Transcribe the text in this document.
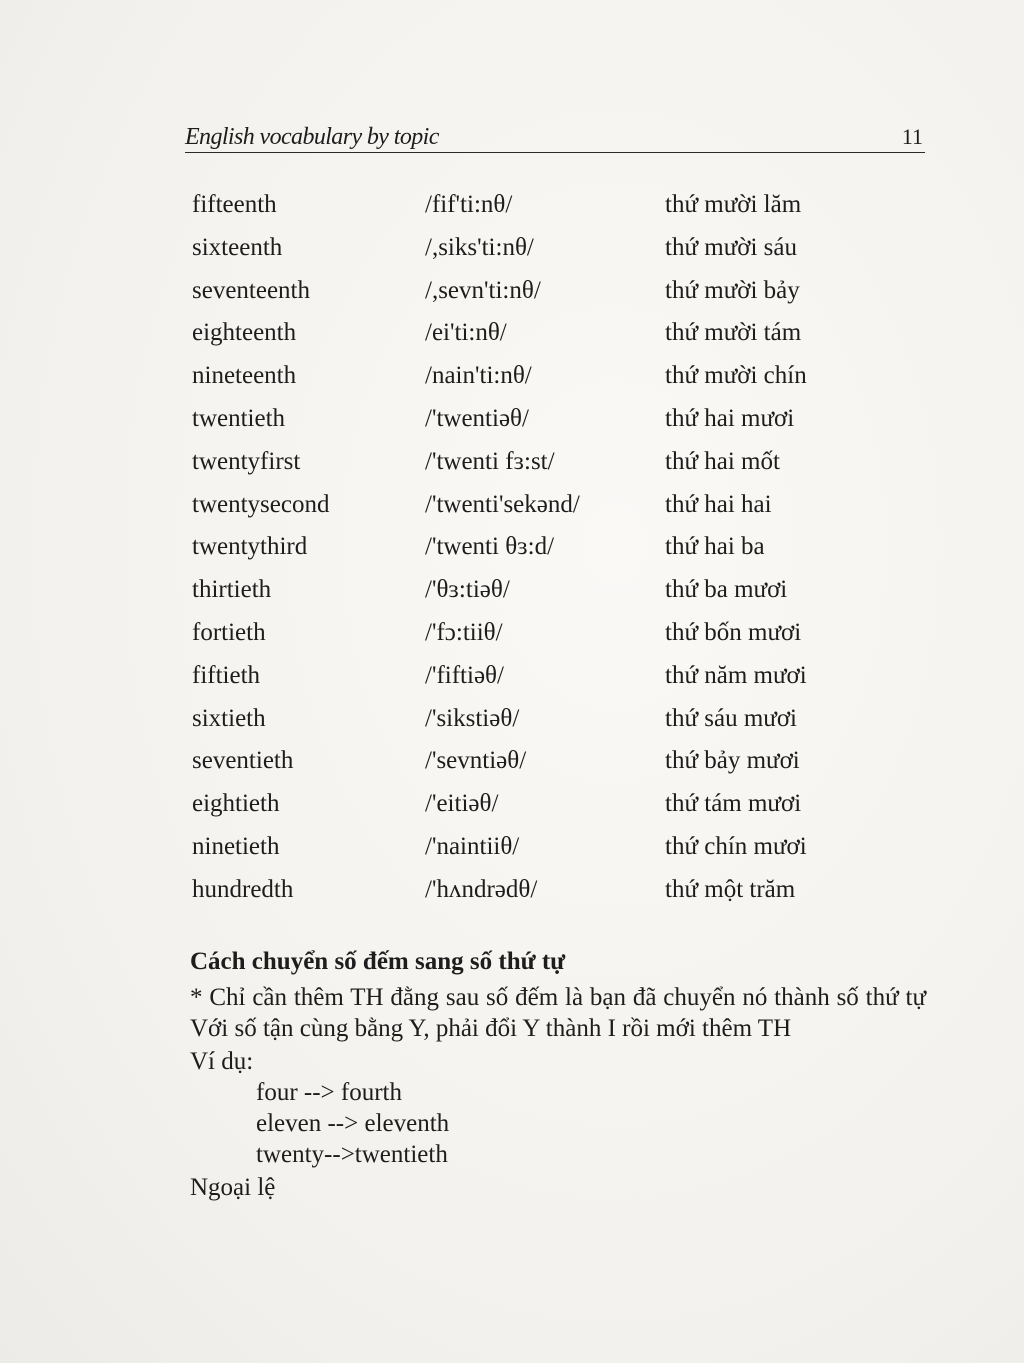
English vocabulary by topic	11
fifteenth	/fif'ti:nθ/	thứ mười lăm
sixteenth	/,siks'ti:nθ/	thứ mười sáu
seventeenth	/,sevn'ti:nθ/	thứ mười bảy
eighteenth	/ei'ti:nθ/	thứ mười tám
nineteenth	/nain'ti:nθ/	thứ mười chín
twentieth	/'twentiəθ/	thứ hai mươi
twentyfirst	/'twenti fɜ:st/	thứ hai mốt
twentysecond	/'twenti'sekənd/	thứ hai hai
twentythird	/'twenti θɜ:d/	thứ hai ba
thirtieth	/'θɜ:tiəθ/	thứ ba mươi
fortieth	/'fɔ:tiiθ/	thứ bốn mươi
fiftieth	/'fiftiəθ/	thứ năm mươi
sixtieth	/'sikstiəθ/	thứ sáu mươi
seventieth	/'sevntiəθ/	thứ bảy mươi
eightieth	/'eitiəθ/	thứ tám mươi
ninetieth	/'naintiiθ/	thứ chín mươi
hundredth	/'hʌndrədθ/	thứ một trăm

Cách chuyển số đếm sang số thứ tự

* Chỉ cần thêm TH đằng sau số đếm là bạn đã chuyển nó thành số thứ tự Với số tận cùng bằng Y, phải đổi Y thành I rồi mới thêm TH

Ví dụ:

four --> fourth
eleven --> eleventh
twenty-->twentieth

Ngoại lệ
